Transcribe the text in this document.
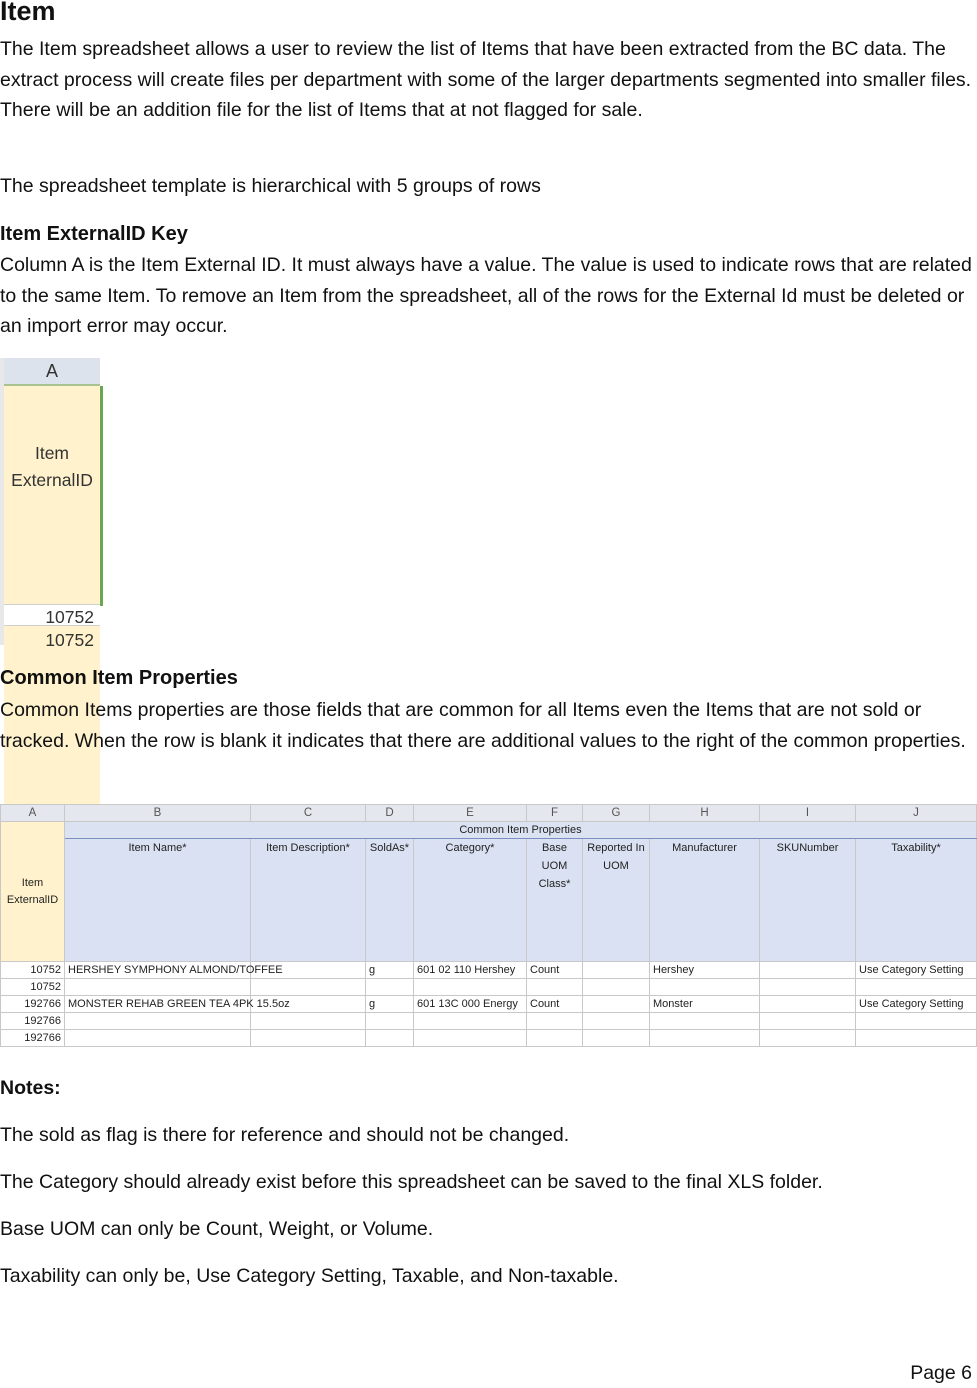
Item

The Item spreadsheet allows a user to review the list of Items that have been extracted from the BC data. The extract process will create files per department with some of the larger departments segmented into smaller files. There will be an addition file for the list of Items that at not flagged for sale.

The spreadsheet template is hierarchical with 5 groups of rows

Item ExternalID Key

Column A is the Item External ID. It must always have a value. The value is used to indicate rows that are related to the same Item. To remove an Item from the spreadsheet, all of the rows for the External Id must be deleted or an import error may occur.

A
Item
ExternalID
10752
10752
Common Item Properties

Common Items properties are those fields that are common for all Items even the Items that are not sold or tracked. When the row is blank it indicates that there are additional values to the right of the common properties.

A	B	C	D	E	F	G	H	I	J
Item ExternalID	Common Item Properties								
	Item Name*	Item Description*	SoldAs*	Category*	Base UOM Class*	Reported In UOM	Manufacturer	SKUNumber	Taxability*
10752	HERSHEY SYMPHONY ALMOND/TOFFEE		g	601 02 110 Hershey	Count		Hershey		Use Category Setting
10752									
192766	MONSTER REHAB GREEN TEA 4PK 15.5oz		g	601 13C 000 Energy	Count		Monster		Use Category Setting
192766									
192766									

Notes:

The sold as flag is there for reference and should not be changed.

The Category should already exist before this spreadsheet can be saved to the final XLS folder.

Base UOM can only be Count, Weight, or Volume.

Taxability can only be, Use Category Setting, Taxable, and Non-taxable.

Page 6
